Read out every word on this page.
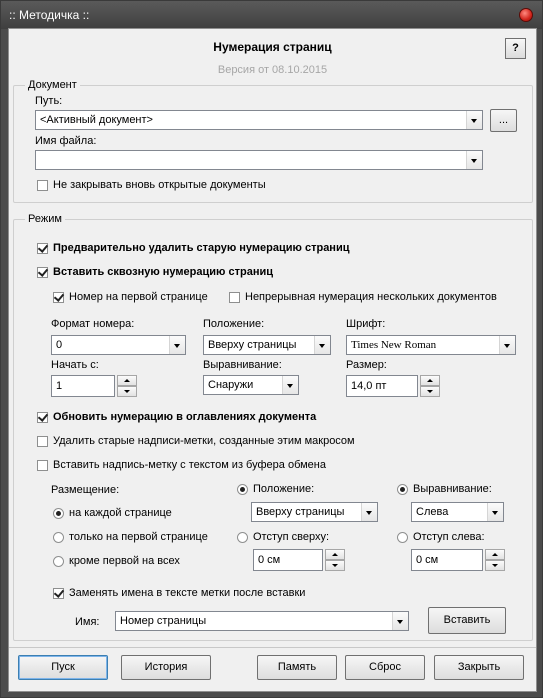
:: Методичка ::
Нумерация страниц
Версия от 08.10.2015
?
Документ
Путь:
<Активный документ>	...
Имя файла:
Не закрывать вновь открытые документы
Режим
Предварительно удалить старую нумерацию страниц
Вставить сквозную нумерацию страниц
Номер на первой странице	Непрерывная нумерация нескольких документов
Формат номера:
0
Положение:
Вверху страницы
Шрифт:
Times New Roman
Начать с:
1
Выравнивание:
Снаружи
Размер:
14,0 пт
Обновить нумерацию в оглавлениях документа
Удалить старые надписи-метки, созданные этим макросом
Вставить надпись-метку с текстом из буфера обмена
Размещение:
на каждой странице
только на первой странице
кроме первой на всех
Положение:
Вверху страницы
Отступ сверху:
0 см
Выравнивание:
Слева
Отступ слева:
0 см
Заменять имена в тексте метки после вставки
Имя: Номер страницы	Вставить
Пуск	История	Память	Сброс	Закрыть
